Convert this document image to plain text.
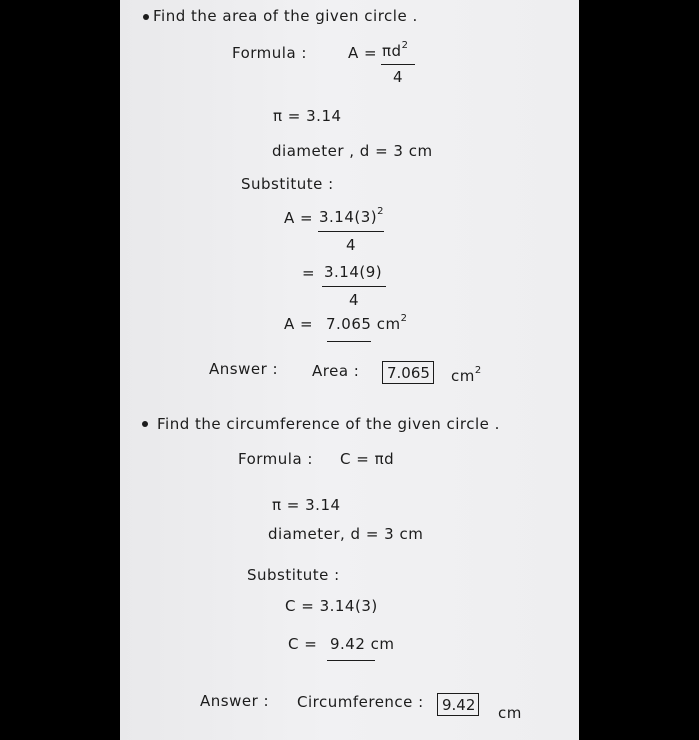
Find the area of the given circle .
Formula :	$A = \pi d^2$
4
π = 3.14
diameter , d = 3 cm
Substitute :
$A = 3.14(3)^2$
4
= 3.14(9)
4
A = 7.065 $cm^2$
Answer : Area :	7.065 $cm^2$
Find the circumference of the given circle .
Formula : C = πd
π = 3.14
diameter, d = 3 cm
Substitute :
C = 3.14(3)
C = 9.42 cm
Answer : Circumference :	9.42 cm
